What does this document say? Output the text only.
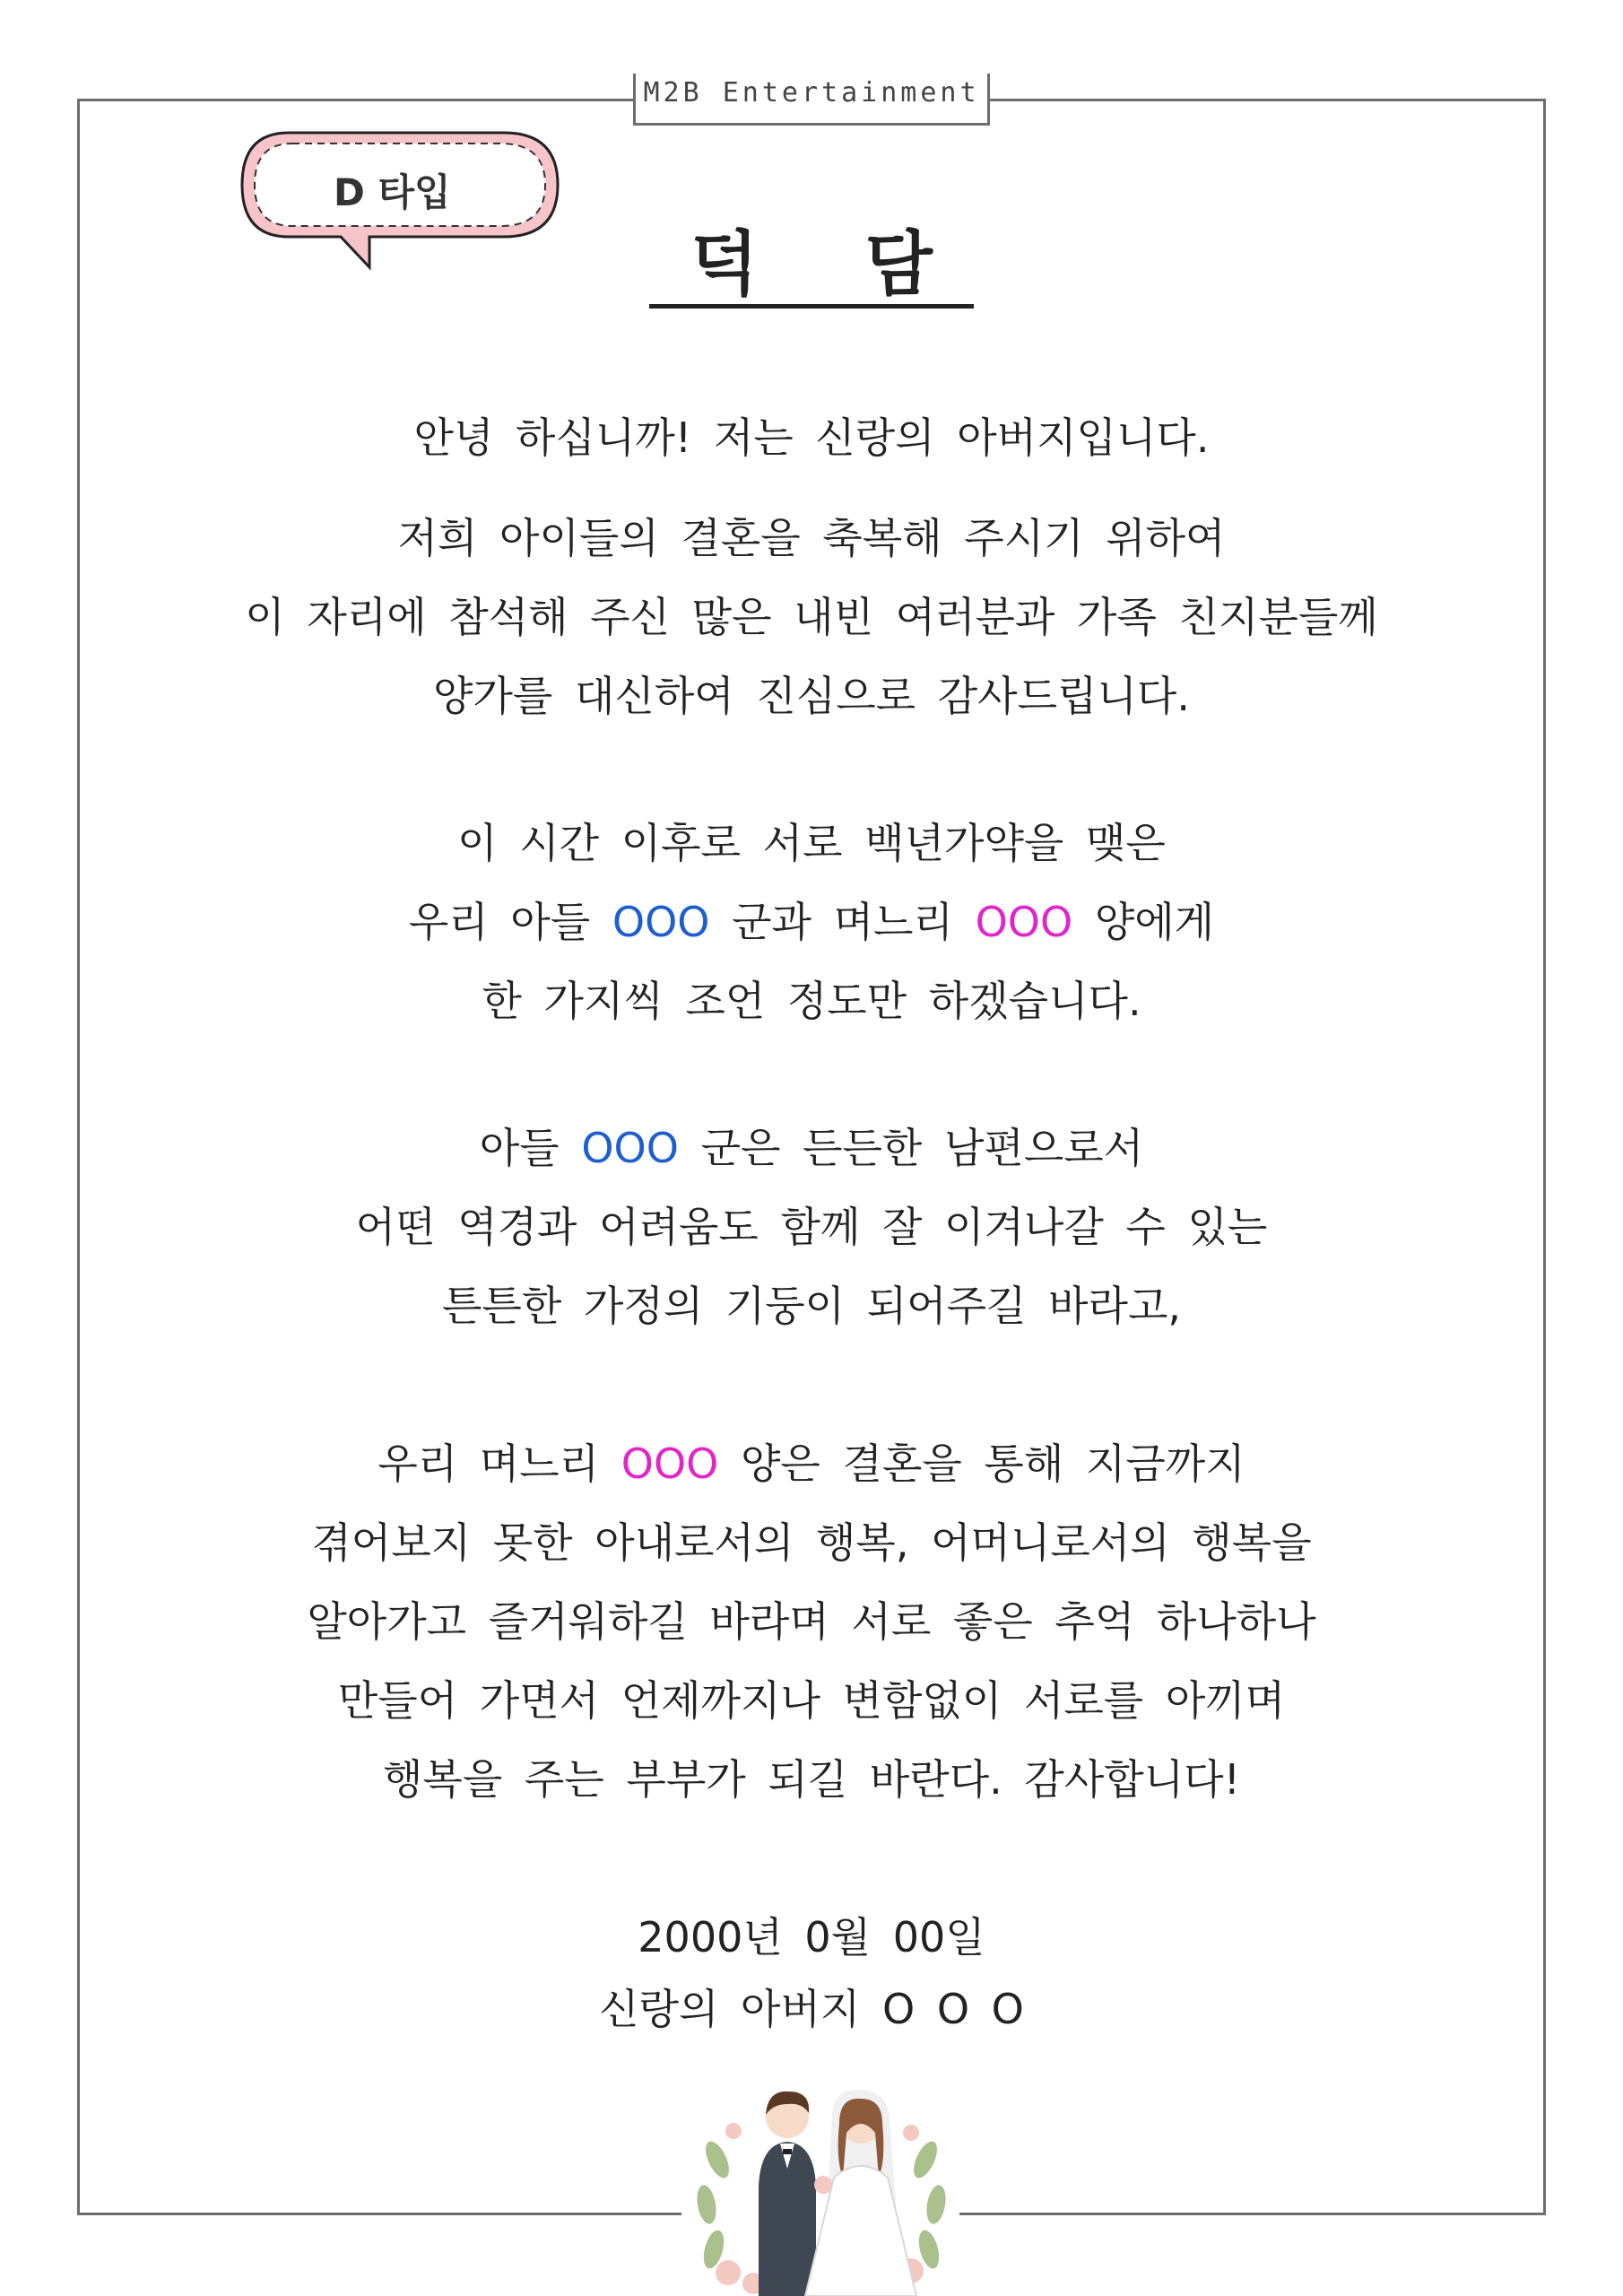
M2B Entertainment
D 타입
덕 담
안녕 하십니까! 저는 신랑의 아버지입니다.
저희 아이들의 결혼을 축복해 주시기 위하여
이 자리에 참석해 주신 많은 내빈 여러분과 가족 친지분들께
양가를 대신하여 진심으로 감사드립니다.
이 시간 이후로 서로 백년가약을 맺은
우리 아들 OOO 군과 며느리 OOO 양에게
한 가지씩 조언 정도만 하겠습니다.
아들 OOO 군은 든든한 남편으로서
어떤 역경과 어려움도 함께 잘 이겨나갈 수 있는
튼튼한 가정의 기둥이 되어주길 바라고,
우리 며느리 OOO 양은 결혼을 통해 지금까지
겪어보지 못한 아내로서의 행복, 어머니로서의 행복을
알아가고 즐거워하길 바라며 서로 좋은 추억 하나하나
만들어 가면서 언제까지나 변함없이 서로를 아끼며
행복을 주는 부부가 되길 바란다. 감사합니다!
2000년 0월 00일
신랑의 아버지 O O O
